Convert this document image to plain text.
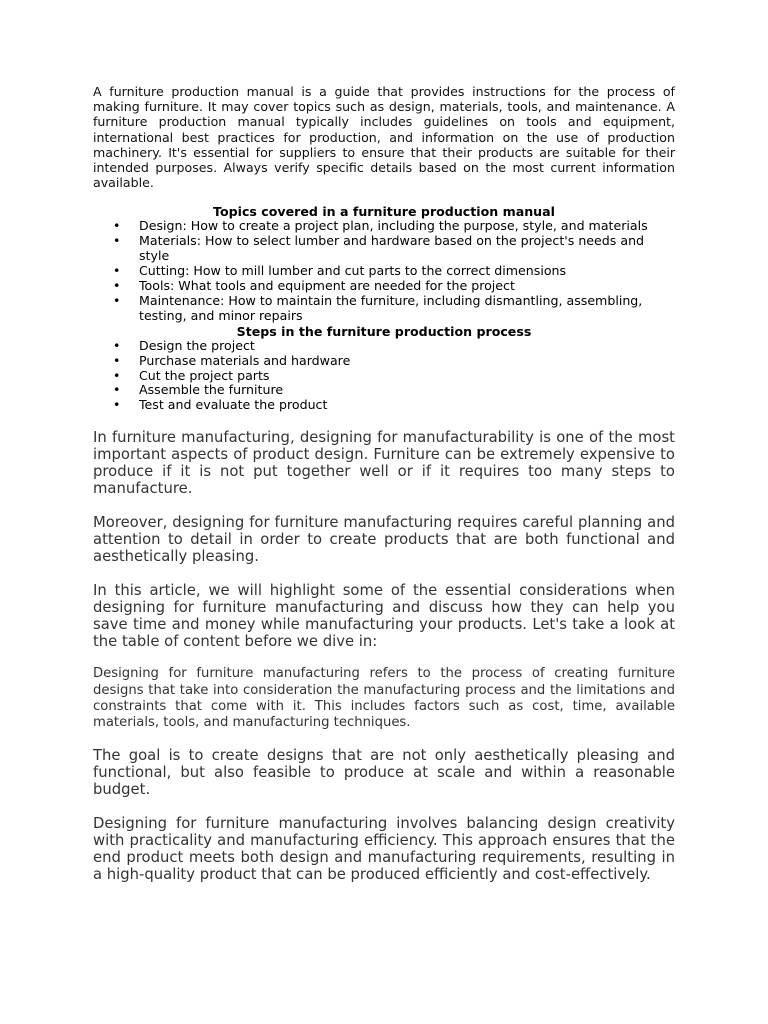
A furniture production manual is a guide that provides instructions for the process of making furniture. It may cover topics such as design, materials, tools, and maintenance. A furniture production manual typically includes guidelines on tools and equipment, international best practices for production, and information on the use of production machinery. It's essential for suppliers to ensure that their products are suitable for their intended purposes. Always verify specific details based on the most current information available.

Topics covered in a furniture production manual
• Design: How to create a project plan, including the purpose, style, and materials
• Materials: How to select lumber and hardware based on the project's needs and style
• Cutting: How to mill lumber and cut parts to the correct dimensions
• Tools: What tools and equipment are needed for the project
• Maintenance: How to maintain the furniture, including dismantling, assembling, testing, and minor repairs
Steps in the furniture production process
• Design the project
• Purchase materials and hardware
• Cut the project parts
• Assemble the furniture
• Test and evaluate the product

In furniture manufacturing, designing for manufacturability is one of the most important aspects of product design. Furniture can be extremely expensive to produce if it is not put together well or if it requires too many steps to manufacture.

Moreover, designing for furniture manufacturing requires careful planning and attention to detail in order to create products that are both functional and aesthetically pleasing.

In this article, we will highlight some of the essential considerations when designing for furniture manufacturing and discuss how they can help you save time and money while manufacturing your products. Let's take a look at the table of content before we dive in:

Designing for furniture manufacturing refers to the process of creating furniture designs that take into consideration the manufacturing process and the limitations and constraints that come with it. This includes factors such as cost, time, available materials, tools, and manufacturing techniques.

The goal is to create designs that are not only aesthetically pleasing and functional, but also feasible to produce at scale and within a reasonable budget.

Designing for furniture manufacturing involves balancing design creativity with practicality and manufacturing efficiency. This approach ensures that the end product meets both design and manufacturing requirements, resulting in a high-quality product that can be produced efficiently and cost-effectively.
